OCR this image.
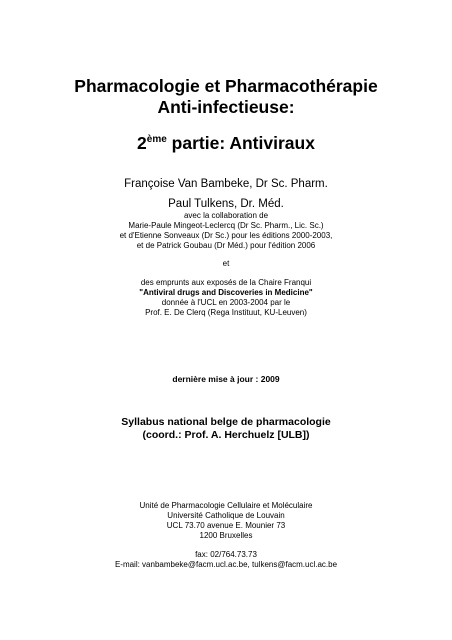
Pharmacologie et Pharmacothérapie
Anti-infectieuse:
2ème partie: Antiviraux
Françoise Van Bambeke, Dr Sc. Pharm.
Paul Tulkens, Dr. Méd.
avec la collaboration de
Marie-Paule Mingeot-Leclercq (Dr Sc. Pharm., Lic. Sc.)
et d'Etienne Sonveaux (Dr Sc.) pour les éditions 2000-2003,
et de Patrick Goubau (Dr Méd.) pour l'édition 2006
et
des emprunts aux exposés de la Chaire Franqui
"Antiviral drugs and Discoveries in Medicine"
donnée à l'UCL en 2003-2004 par le
Prof. E. De Clerq (Rega Instituut, KU-Leuven)
dernière mise à jour : 2009
Syllabus national belge de pharmacologie
(coord.: Prof. A. Herchuelz [ULB])
Unité de Pharmacologie Cellulaire et Moléculaire
Université Catholique de Louvain
UCL 73.70 avenue E. Mounier 73
1200 Bruxelles
fax: 02/764.73.73
E-mail: vanbambeke@facm.ucl.ac.be, tulkens@facm.ucl.ac.be
